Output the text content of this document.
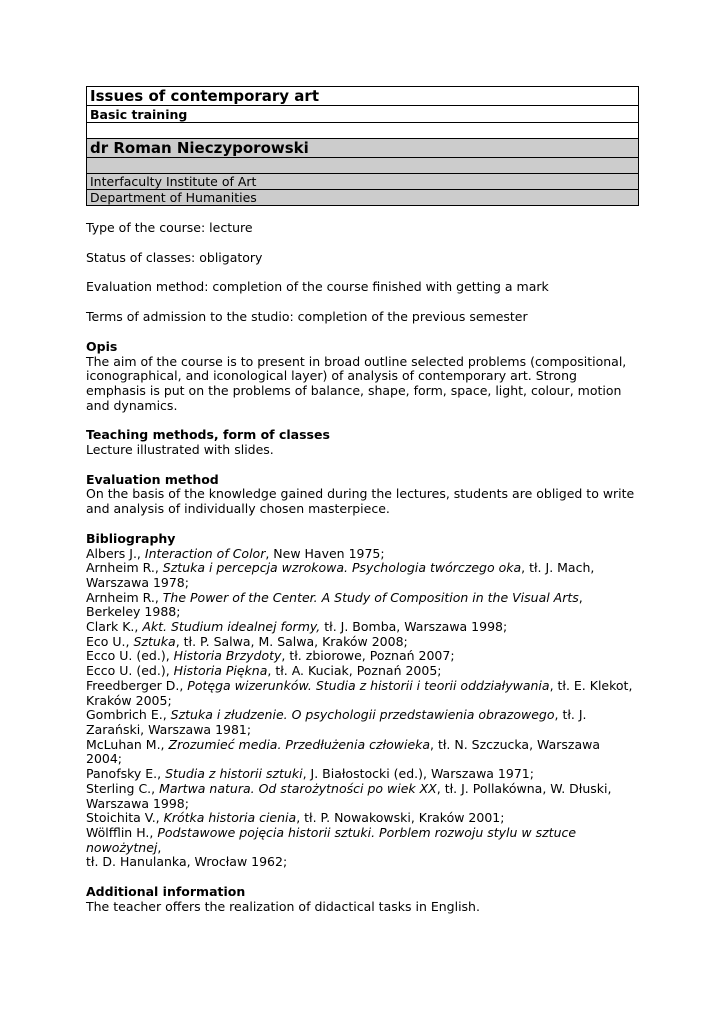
Issues of contemporary art
Basic training
dr Roman Nieczyporowski
Interfaculty Institute of Art
Department of Humanities

Type of the course: lecture

Status of classes: obligatory

Evaluation method: completion of the course finished with getting a mark

Terms of admission to the studio: completion of the previous semester

Opis

The aim of the course is to present in broad outline selected problems (compositional, iconographical, and iconological layer) of analysis of contemporary art. Strong emphasis is put on the problems of balance, shape, form, space, light, colour, motion and dynamics.

Teaching methods, form of classes

Lecture illustrated with slides.

Evaluation method

On the basis of the knowledge gained during the lectures, students are obliged to write and analysis of individually chosen masterpiece.

Bibliography

Albers J., Interaction of Color, New Haven 1975;

Arnheim R., Sztuka i percepcja wzrokowa. Psychologia twórczego oka, tł. J. Mach, Warszawa 1978;

Arnheim R., The Power of the Center. A Study of Composition in the Visual Arts, Berkeley 1988;

Clark K., Akt. Studium idealnej formy, tł. J. Bomba, Warszawa 1998;

Eco U., Sztuka, tł. P. Salwa, M. Salwa, Kraków 2008;

Ecco U. (ed.), Historia Brzydoty, tł. zbiorowe, Poznań 2007;

Ecco U. (ed.), Historia Piękna, tł. A. Kuciak, Poznań 2005;

Freedberger D., Potęga wizerunków. Studia z historii i teorii oddziaływania, tł. E. Klekot, Kraków 2005;

Gombrich E., Sztuka i złudzenie. O psychologii przedstawienia obrazowego, tł. J. Zarański, Warszawa 1981;

McLuhan M., Zrozumieć media. Przedłużenia człowieka, tł. N. Szczucka, Warszawa 2004;

Panofsky E., Studia z historii sztuki, J. Białostocki (ed.), Warszawa 1971;

Sterling C., Martwa natura. Od starożytności po wiek XX, tł. J. Pollakówna, W. Dłuski, Warszawa 1998;

Stoichita V., Krótka historia cienia, tł. P. Nowakowski, Kraków 2001;

Wölfflin H., Podstawowe pojęcia historii sztuki. Porblem rozwoju stylu w sztuce nowożytnej,

tł. D. Hanulanka, Wrocław 1962;

Additional information

The teacher offers the realization of didactical tasks in English.
